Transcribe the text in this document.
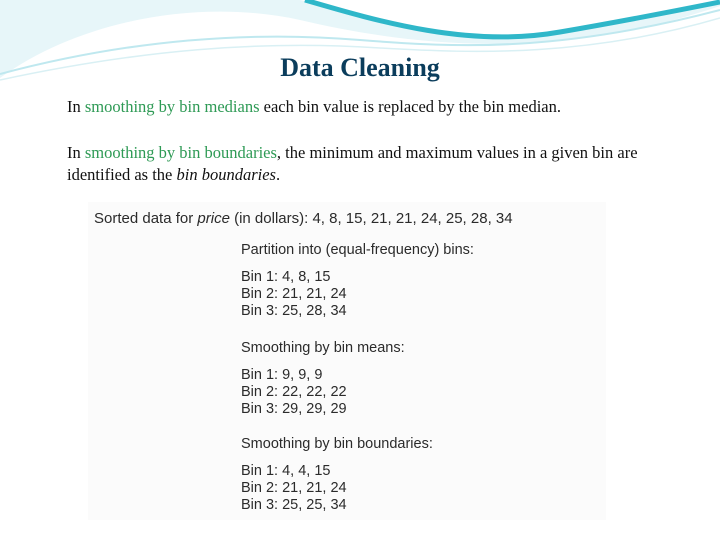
Data Cleaning
In smoothing by bin medians each bin value is replaced by the bin median.
In smoothing by bin boundaries, the minimum and maximum values in a given bin are identified as the bin boundaries.
Sorted data for price (in dollars): 4, 8, 15, 21, 21, 24, 25, 28, 34
Partition into (equal-frequency) bins:
Bin 1: 4, 8, 15
Bin 2: 21, 21, 24
Bin 3: 25, 28, 34
Smoothing by bin means:
Bin 1: 9, 9, 9
Bin 2: 22, 22, 22
Bin 3: 29, 29, 29
Smoothing by bin boundaries:
Bin 1: 4, 4, 15
Bin 2: 21, 21, 24
Bin 3: 25, 25, 34
